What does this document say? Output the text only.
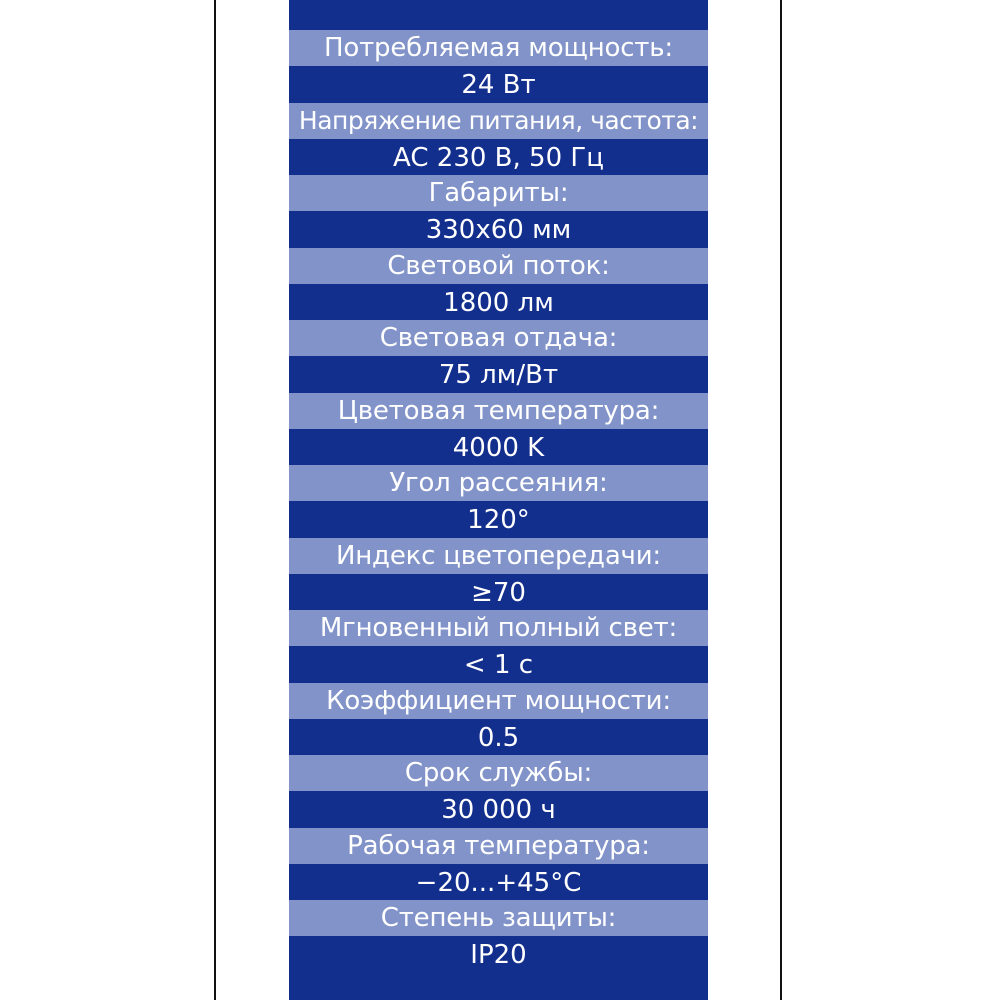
Потребляемая мощность:
24 Вт
Напряжение питания, частота:
AC 230 В, 50 Гц
Габариты:
330х60 мм
Световой поток:
1800 лм
Световая отдача:
75 лм/Вт
Цветовая температура:
4000 K
Угол рассеяния:
120°
Индекс цветопередачи:
≥70
Мгновенный полный свет:
< 1 с
Коэффициент мощности:
0.5
Срок службы:
30 000 ч
Рабочая температура:
−20...+45°C
Степень защиты:
IP20
